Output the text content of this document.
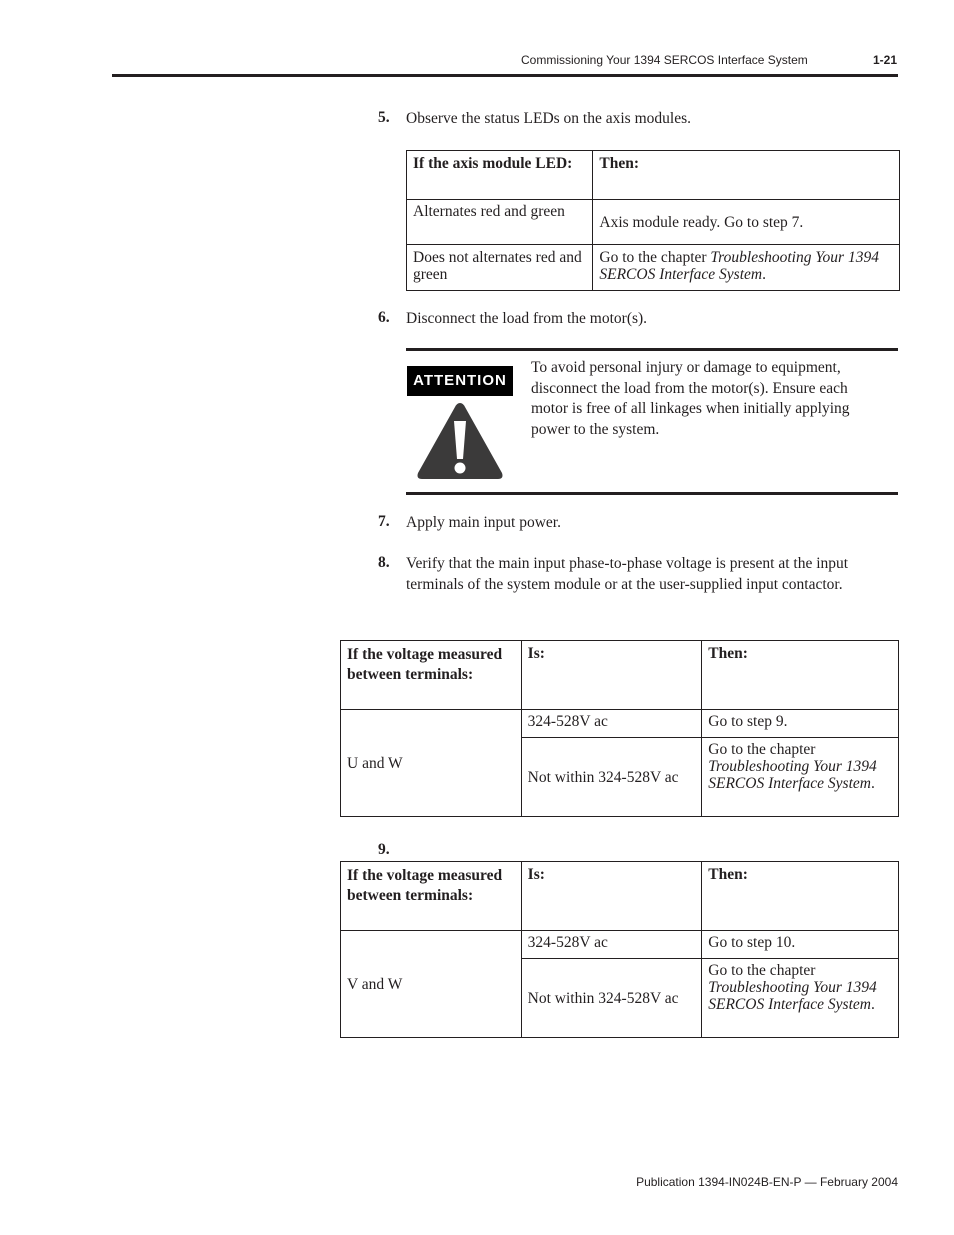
Commissioning Your 1394 SERCOS Interface System	1-21
5. Observe the status LEDs on the axis modules.
If the axis module LED:	Then:
Alternates red and green	Axis module ready. Go to step 7.
Does not alternates red and green	Go to the chapter Troubleshooting Your 1394 SERCOS Interface System.
6. Disconnect the load from the motor(s).
ATTENTION
To avoid personal injury or damage to equipment, disconnect the load from the motor(s). Ensure each motor is free of all linkages when initially applying power to the system.
7. Apply main input power.
8. Verify that the main input phase-to-phase voltage is present at the input terminals of the system module or at the user-supplied input contactor.
If the voltage measured between terminals:	Is:	Then:
U and W	324-528V ac	Go to step 9.
	Not within 324-528V ac	Go to the chapter Troubleshooting Your 1394 SERCOS Interface System.
9.
If the voltage measured between terminals:	Is:	Then:
V and W	324-528V ac	Go to step 10.
	Not within 324-528V ac	Go to the chapter Troubleshooting Your 1394 SERCOS Interface System.
Publication 1394-IN024B-EN-P — February 2004
